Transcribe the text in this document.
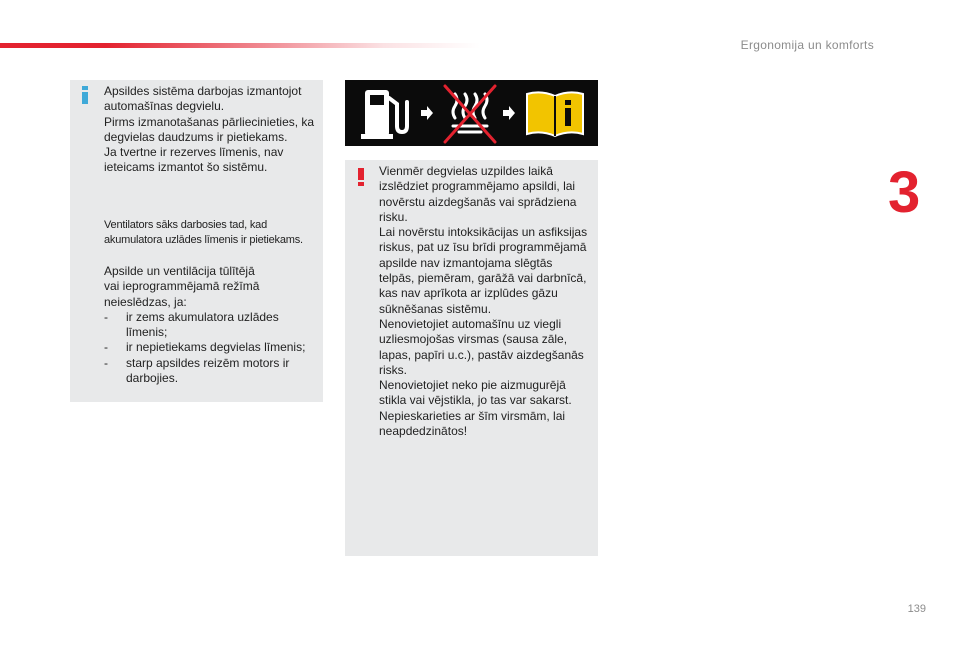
Ergonomija un komforts
3

Apsildes sistēma darbojas izmantojot

automašīnas degvielu.

Pirms izmanotašanas pārliecinieties, ka

degvielas daudzums ir pietiekams.

Ja tvertne ir rezerves līmenis, nav

ieteicams izmantot šo sistēmu.

Ventilators sāks darbosies tad, kad

akumulatora uzlādes līmenis ir pietiekams.

Apsilde un ventilācija tūlītējā

vai ieprogrammējamā režīmā

neieslēdzas, ja:

-	ir zems akumulatora uzlādes

līmenis;

-	ir nepietiekams degvielas līmenis;

-	starp apsildes reizēm motors ir

darbojies.

Vienmēr degvielas uzpildes laikā

izslēdziet programmējamo apsildi, lai

novērstu aizdegšanās vai sprādziena

risku.

Lai novērstu intoksikācijas un asfiksijas

riskus, pat uz īsu brīdi programmējamā

apsilde nav izmantojama slēgtās

telpās, piemēram, garāžā vai darbnīcā,

kas nav aprīkota ar izplūdes gāzu

sūknēšanas sistēmu.

Nenovietojiet automašīnu uz viegli

uzliesmojošas virsmas (sausa zāle,

lapas, papīri u.c.), pastāv aizdegšanās

risks.

Nenovietojiet neko pie aizmugurējā

stikla vai vējstikla, jo tas var sakarst.

Nepieskarieties ar šīm virsmām, lai

neapdedzinātos!

139
